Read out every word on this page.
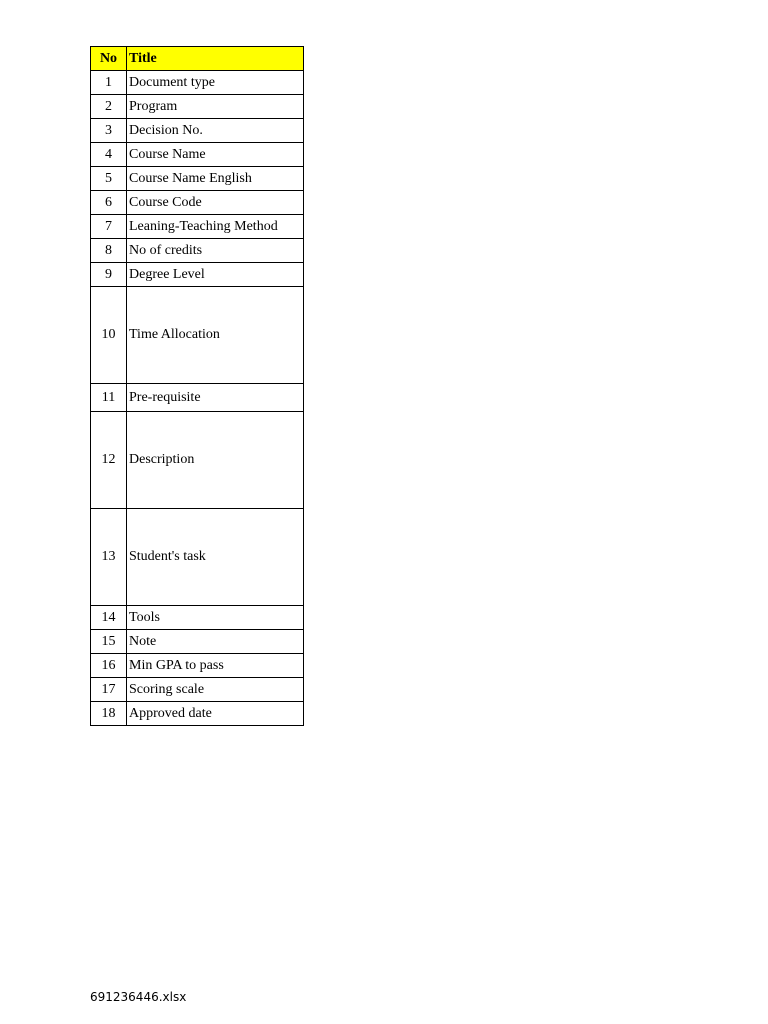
No	Title
1	Document type
2	Program
3	Decision No.
4	Course Name
5	Course Name English
6	Course Code
7	Leaning-Teaching Method
8	No of credits
9	Degree Level
10	Time Allocation
11	Pre-requisite
12	Description
13	Student's task
14	Tools
15	Note
16	Min GPA to pass
17	Scoring scale
18	Approved date
691236446.xlsx
